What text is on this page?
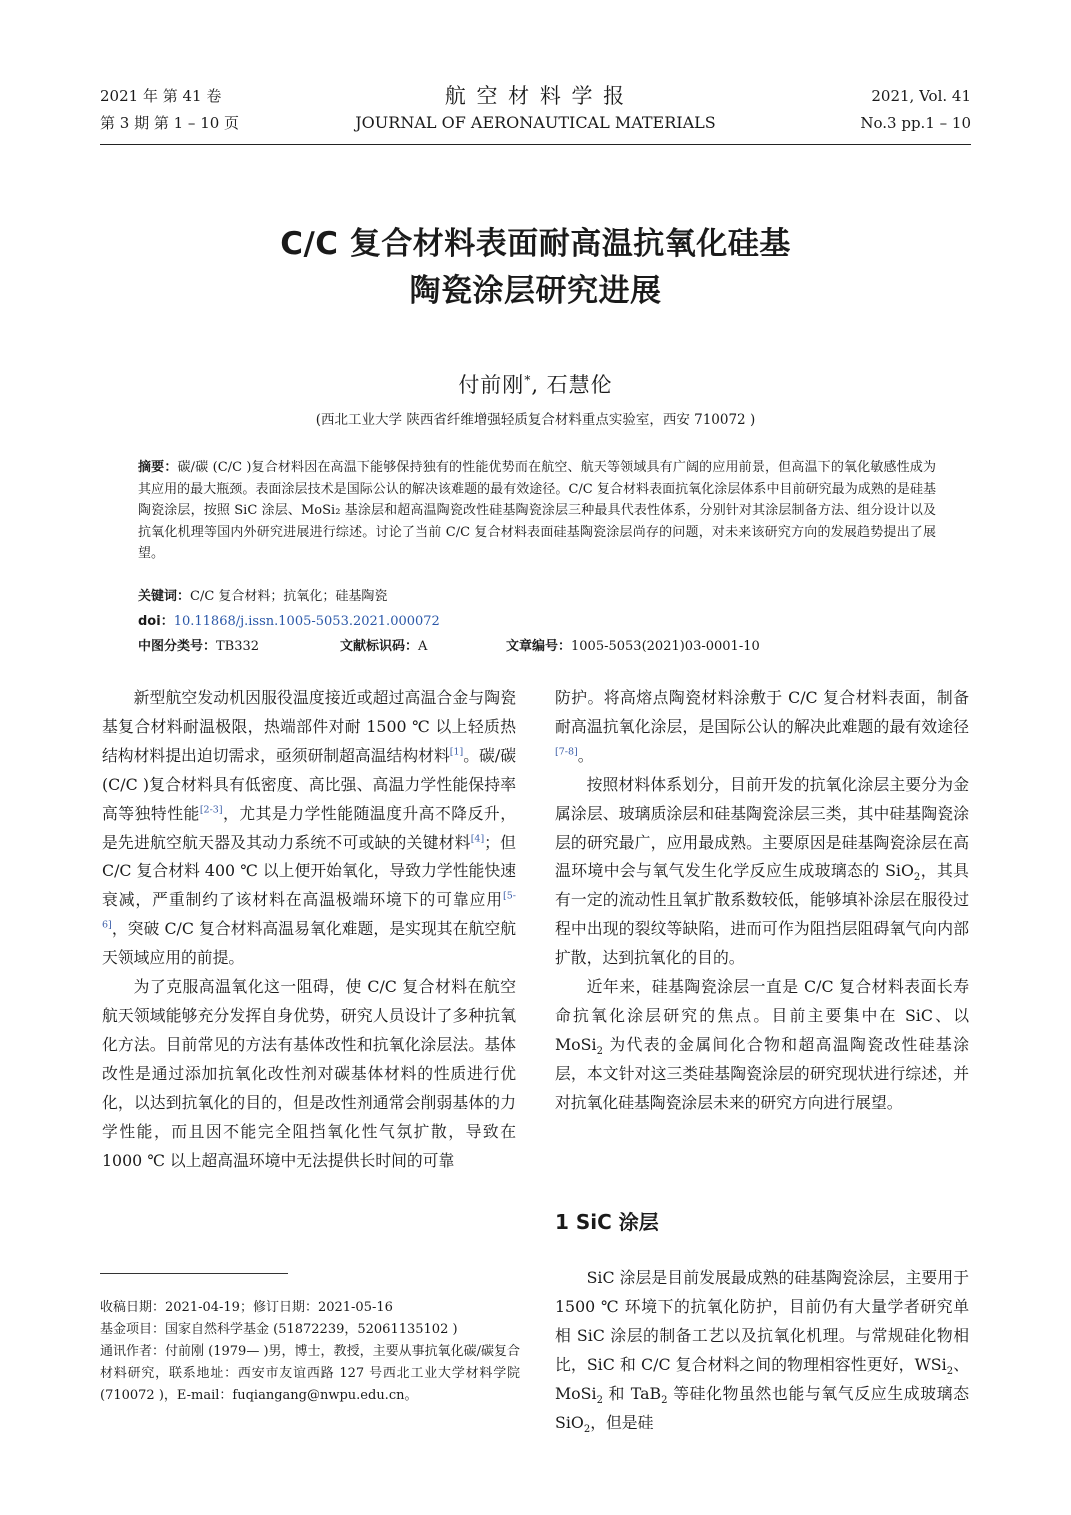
2021 年 第 41 卷
第 3 期 第 1 – 10 页
航 空 材 料 学 报
JOURNAL OF AERONAUTICAL MATERIALS
2021, Vol. 41
No.3 pp.1 – 10
C/C 复合材料表面耐高温抗氧化硅基
陶瓷涂层研究进展
付前刚*, 石慧伦
(西北工业大学 陕西省纤维增强轻质复合材料重点实验室，西安 710072 )
摘要：碳/碳 (C/C )复合材料因在高温下能够保持独有的性能优势而在航空、航天等领域具有广阔的应用前景，但高温下的氧化敏感性成为其应用的最大瓶颈。表面涂层技术是国际公认的解决该难题的最有效途径。C/C 复合材料表面抗氧化涂层体系中目前研究最为成熟的是硅基陶瓷涂层，按照 SiC 涂层、MoSi₂ 基涂层和超高温陶瓷改性硅基陶瓷涂层三种最具代表性体系，分别针对其涂层制备方法、组分设计以及抗氧化机理等国内外研究进展进行综述。讨论了当前 C/C 复合材料表面硅基陶瓷涂层尚存的问题，对未来该研究方向的发展趋势提出了展望。
关键词：C/C 复合材料；抗氧化；硅基陶瓷
doi：10.11868/j.issn.1005-5053.2021.000072
中图分类号：TB332	文献标识码：A	文章编号：1005-5053(2021)03-0001-10

新型航空发动机因服役温度接近或超过高温合金与陶瓷基复合材料耐温极限，热端部件对耐 1500 ℃ 以上轻质热结构材料提出迫切需求，亟须研制超高温结构材料[1]。碳/碳 (C/C )复合材料具有低密度、高比强、高温力学性能保持率高等独特性能[2-3]，尤其是力学性能随温度升高不降反升，是先进航空航天器及其动力系统不可或缺的关键材料[4]；但 C/C 复合材料 400 ℃ 以上便开始氧化，导致力学性能快速衰减，严重制约了该材料在高温极端环境下的可靠应用[5-6]，突破 C/C 复合材料高温易氧化难题，是实现其在航空航天领域应用的前提。

为了克服高温氧化这一阻碍，使 C/C 复合材料在航空航天领域能够充分发挥自身优势，研究人员设计了多种抗氧化方法。目前常见的方法有基体改性和抗氧化涂层法。基体改性是通过添加抗氧化改性剂对碳基体材料的性质进行优化，以达到抗氧化的目的，但是改性剂通常会削弱基体的力学性能，而且因不能完全阻挡氧化性气氛扩散，导致在 1000 ℃ 以上超高温环境中无法提供长时间的可靠

收稿日期：2021-04-19；修订日期：2021-05-16
基金项目：国家自然科学基金 (51872239，52061135102 )
通讯作者：付前刚 (1979— )男，博士，教授，主要从事抗氧化碳/碳复合材料研究，联系地址：西安市友谊西路 127 号西北工业大学材料学院 (710072 )，E-mail：fuqiangang@nwpu.edu.cn。

防护。将高熔点陶瓷材料涂敷于 C/C 复合材料表面，制备耐高温抗氧化涂层，是国际公认的解决此难题的最有效途径[7-8]。

按照材料体系划分，目前开发的抗氧化涂层主要分为金属涂层、玻璃质涂层和硅基陶瓷涂层三类，其中硅基陶瓷涂层的研究最广，应用最成熟。主要原因是硅基陶瓷涂层在高温环境中会与氧气发生化学反应生成玻璃态的 SiO$_2$，其具有一定的流动性且氧扩散系数较低，能够填补涂层在服役过程中出现的裂纹等缺陷，进而可作为阻挡层阻碍氧气向内部扩散，达到抗氧化的目的。

近年来，硅基陶瓷涂层一直是 C/C 复合材料表面长寿命抗氧化涂层研究的焦点。目前主要集中在 SiC、以 MoSi$_2$ 为代表的金属间化合物和超高温陶瓷改性硅基涂层，本文针对这三类硅基陶瓷涂层的研究现状进行综述，并对抗氧化硅基陶瓷涂层未来的研究方向进行展望。

1 SiC 涂层

SiC 涂层是目前发展最成熟的硅基陶瓷涂层，主要用于 1500 ℃ 环境下的抗氧化防护，目前仍有大量学者研究单相 SiC 涂层的制备工艺以及抗氧化机理。与常规硅化物相比，SiC 和 C/C 复合材料之间的物理相容性更好，WSi$_2$、MoSi$_2$ 和 TaB$_2$ 等硅化物虽然也能与氧气反应生成玻璃态 SiO$_2$，但是硅
